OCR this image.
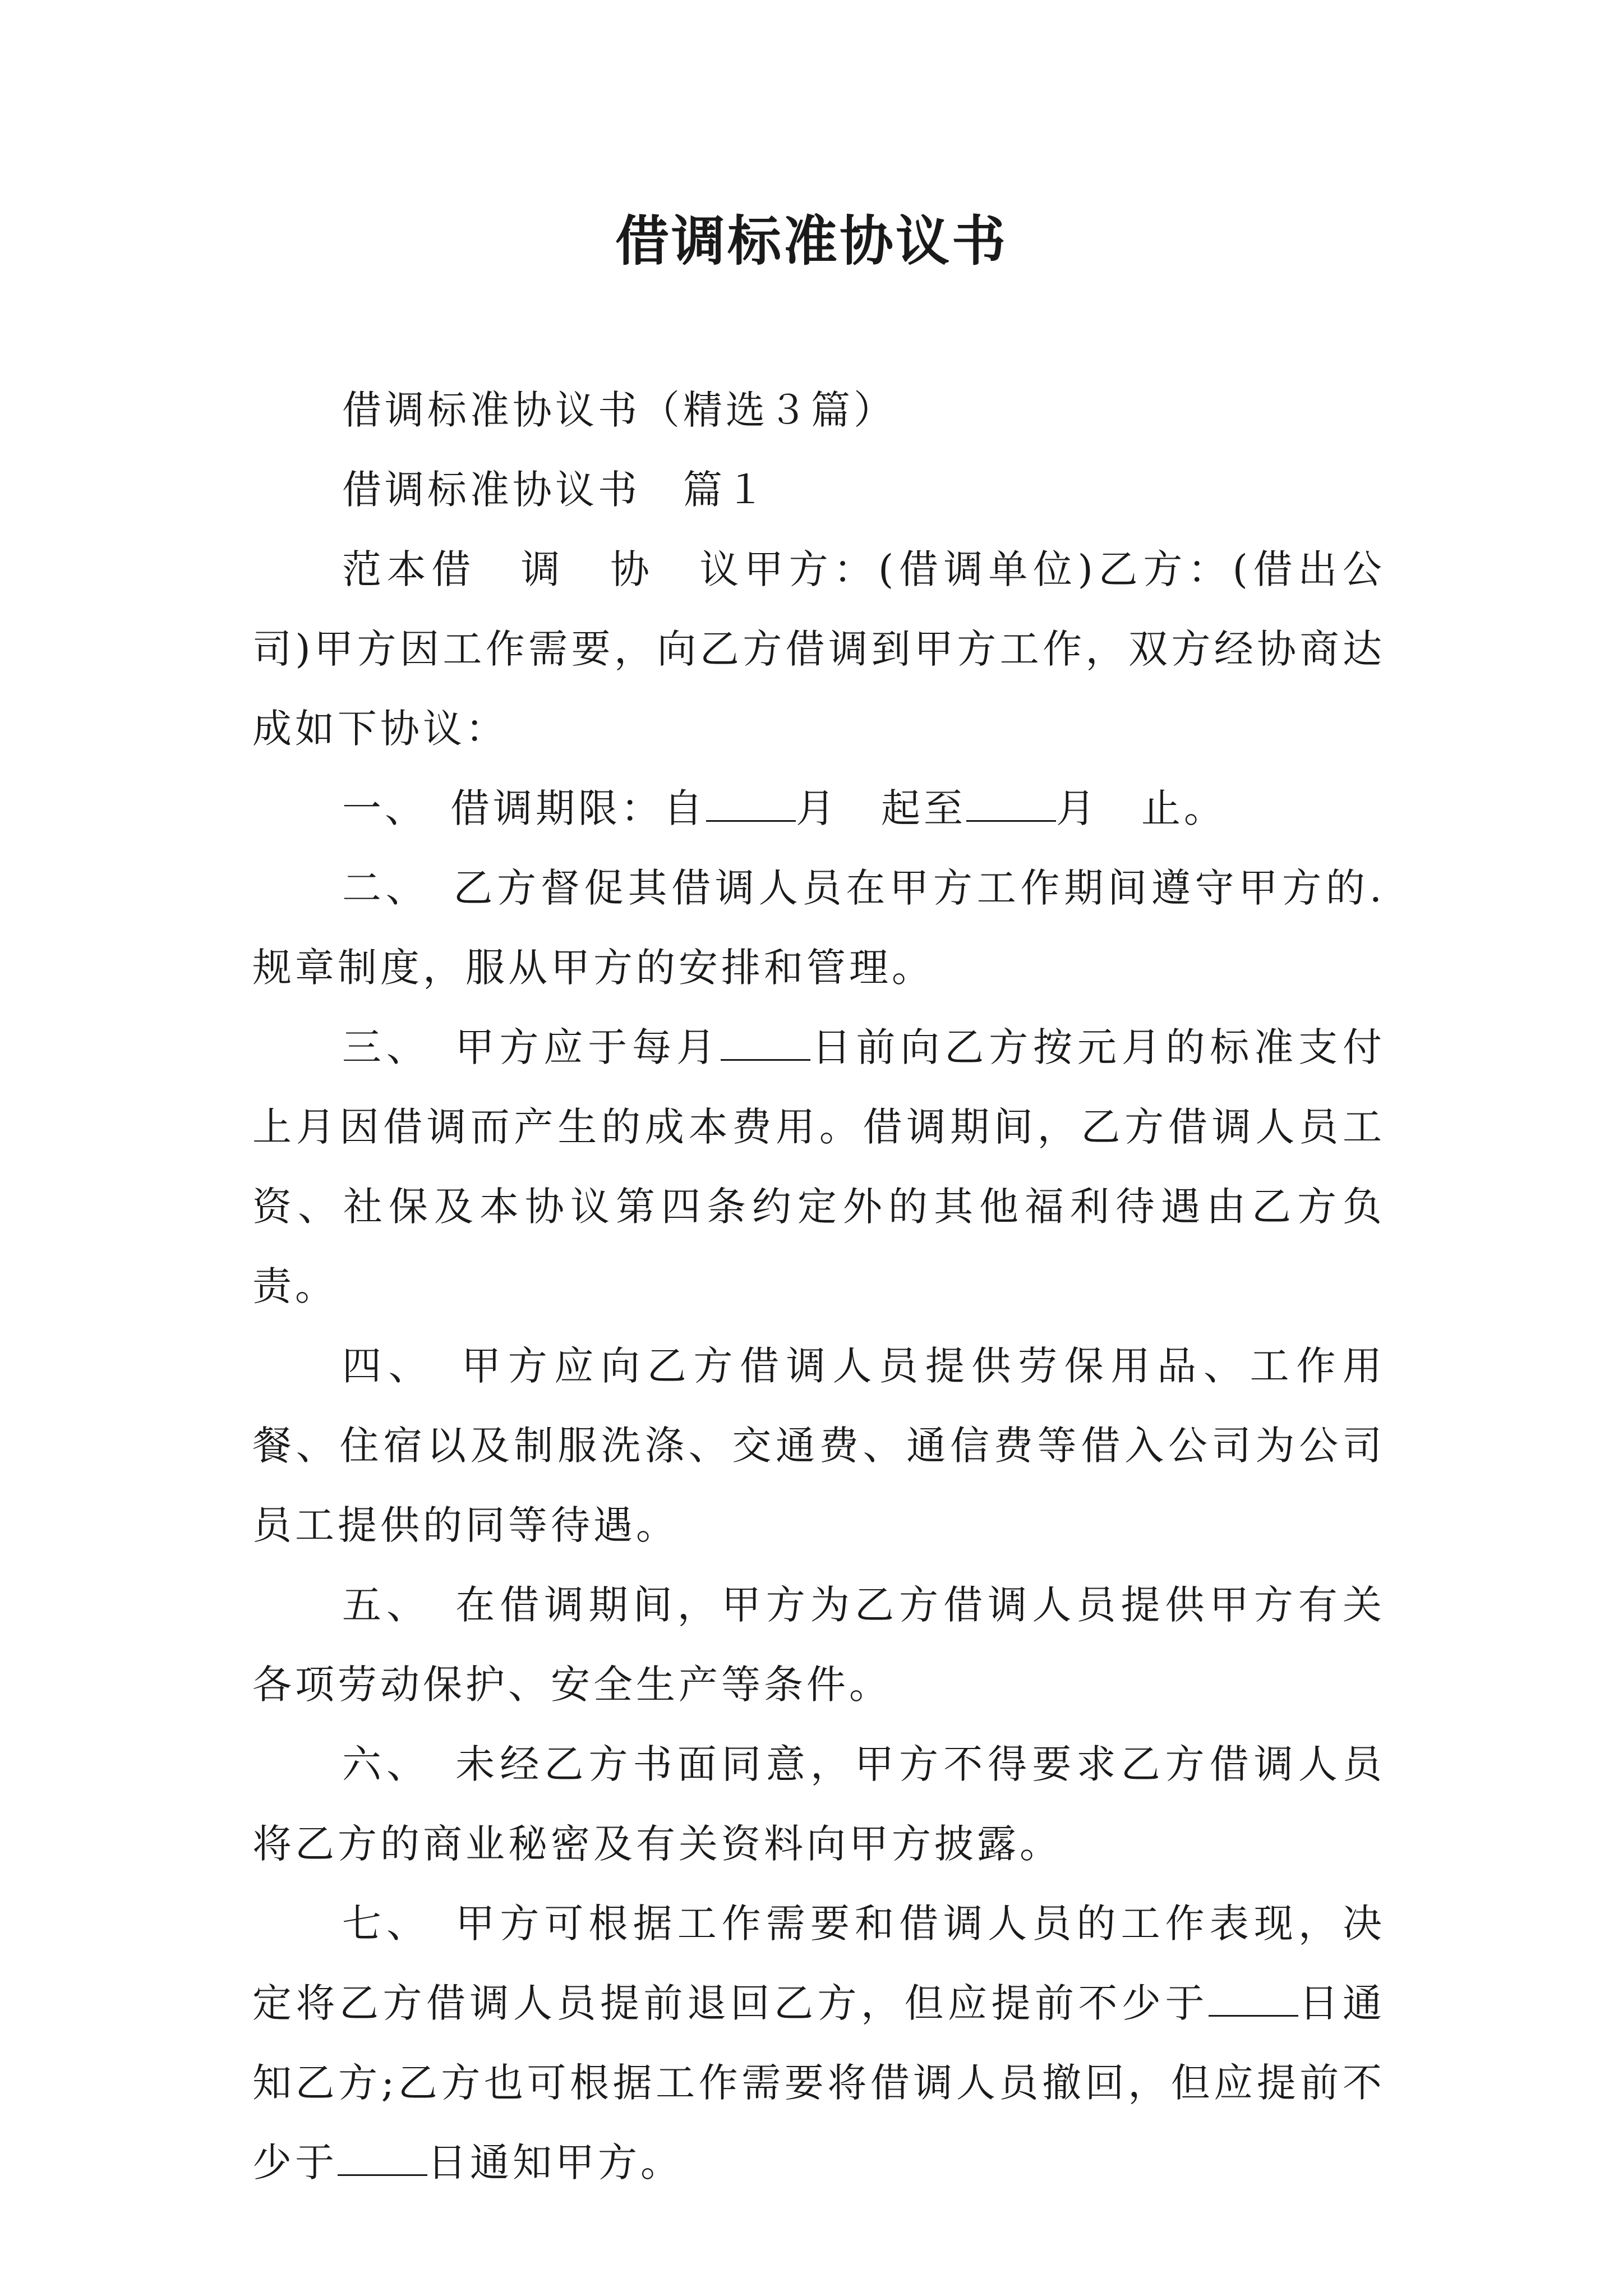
借调标准协议书

借调标准协议书（精选３篇）

借调标准协议书　篇１

范本借　调　协　议甲方：(借调单位)乙方：(借出公司)甲方因工作需要，向乙方借调到甲方工作，双方经协商达成如下协议：

一、　借调期限：自 月　起至 月　止。

二、　乙方督促其借调人员在甲方工作期间遵守甲方的.规章制度，服从甲方的安排和管理。

三、　甲方应于每月 日前向乙方按元月的标准支付上月因借调而产生的成本费用。借调期间，乙方借调人员工资、社保及本协议第四条约定外的其他福利待遇由乙方负责。

四、　甲方应向乙方借调人员提供劳保用品、工作用餐、住宿以及制服洗涤、交通费、通信费等借入公司为公司员工提供的同等待遇。

五、　在借调期间，甲方为乙方借调人员提供甲方有关各项劳动保护、安全生产等条件。

六、　未经乙方书面同意，甲方不得要求乙方借调人员将乙方的商业秘密及有关资料向甲方披露。

七、　甲方可根据工作需要和借调人员的工作表现，决定将乙方借调人员提前退回乙方，但应提前不少于 日通知乙方;乙方也可根据工作需要将借调人员撤回，但应提前不少于 日通知甲方。
